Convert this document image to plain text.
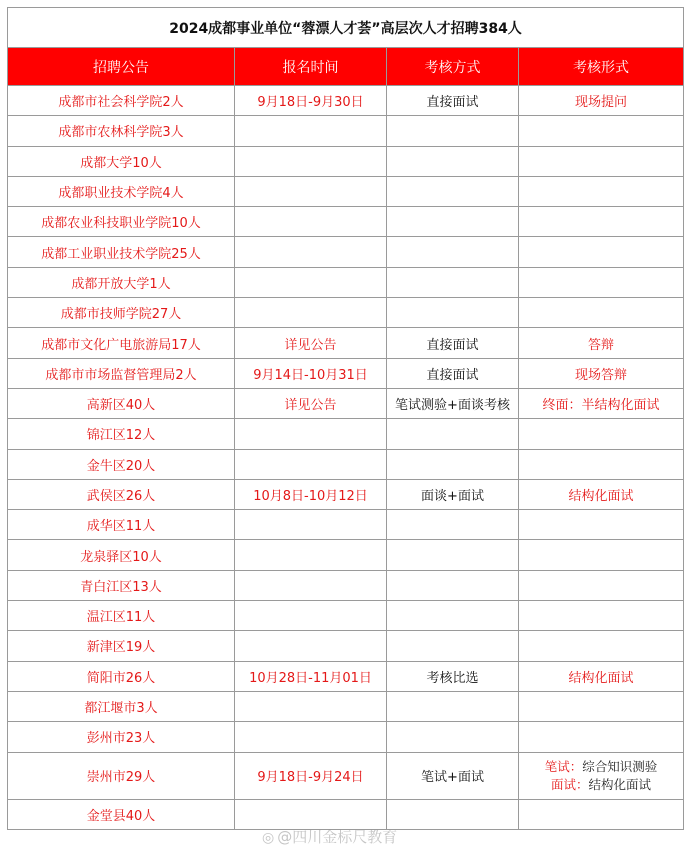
2024成都事业单位“蓉漂人才荟”高层次人才招聘384人			
招聘公告	报名时间	考核方式	考核形式
成都市社会科学院2人	9月18日-9月30日	直接面试	现场提问
成都市农林科学院3人			
成都大学10人			
成都职业技术学院4人			
成都农业科技职业学院10人			
成都工业职业技术学院25人			
成都开放大学1人			
成都市技师学院27人			
成都市文化广电旅游局17人	详见公告	直接面试	答辩
成都市市场监督管理局2人	9月14日-10月31日	直接面试	现场答辩
高新区40人	详见公告	笔试测验+面谈考核	终面：半结构化面试
锦江区12人			
金牛区20人			
武侯区26人	10月8日-10月12日	面谈+面试	结构化面试
成华区11人			
龙泉驿区10人			
青白江区13人			
温江区11人			
新津区19人			
简阳市26人	10月28日-11月01日	考核比选	结构化面试
都江堰市3人			
彭州市23人			
崇州市29人	9月18日-9月24日	笔试+面试	笔试：综合知识测验
面试：结构化面试

金堂县40人			
◎ @四川金标尺教育
